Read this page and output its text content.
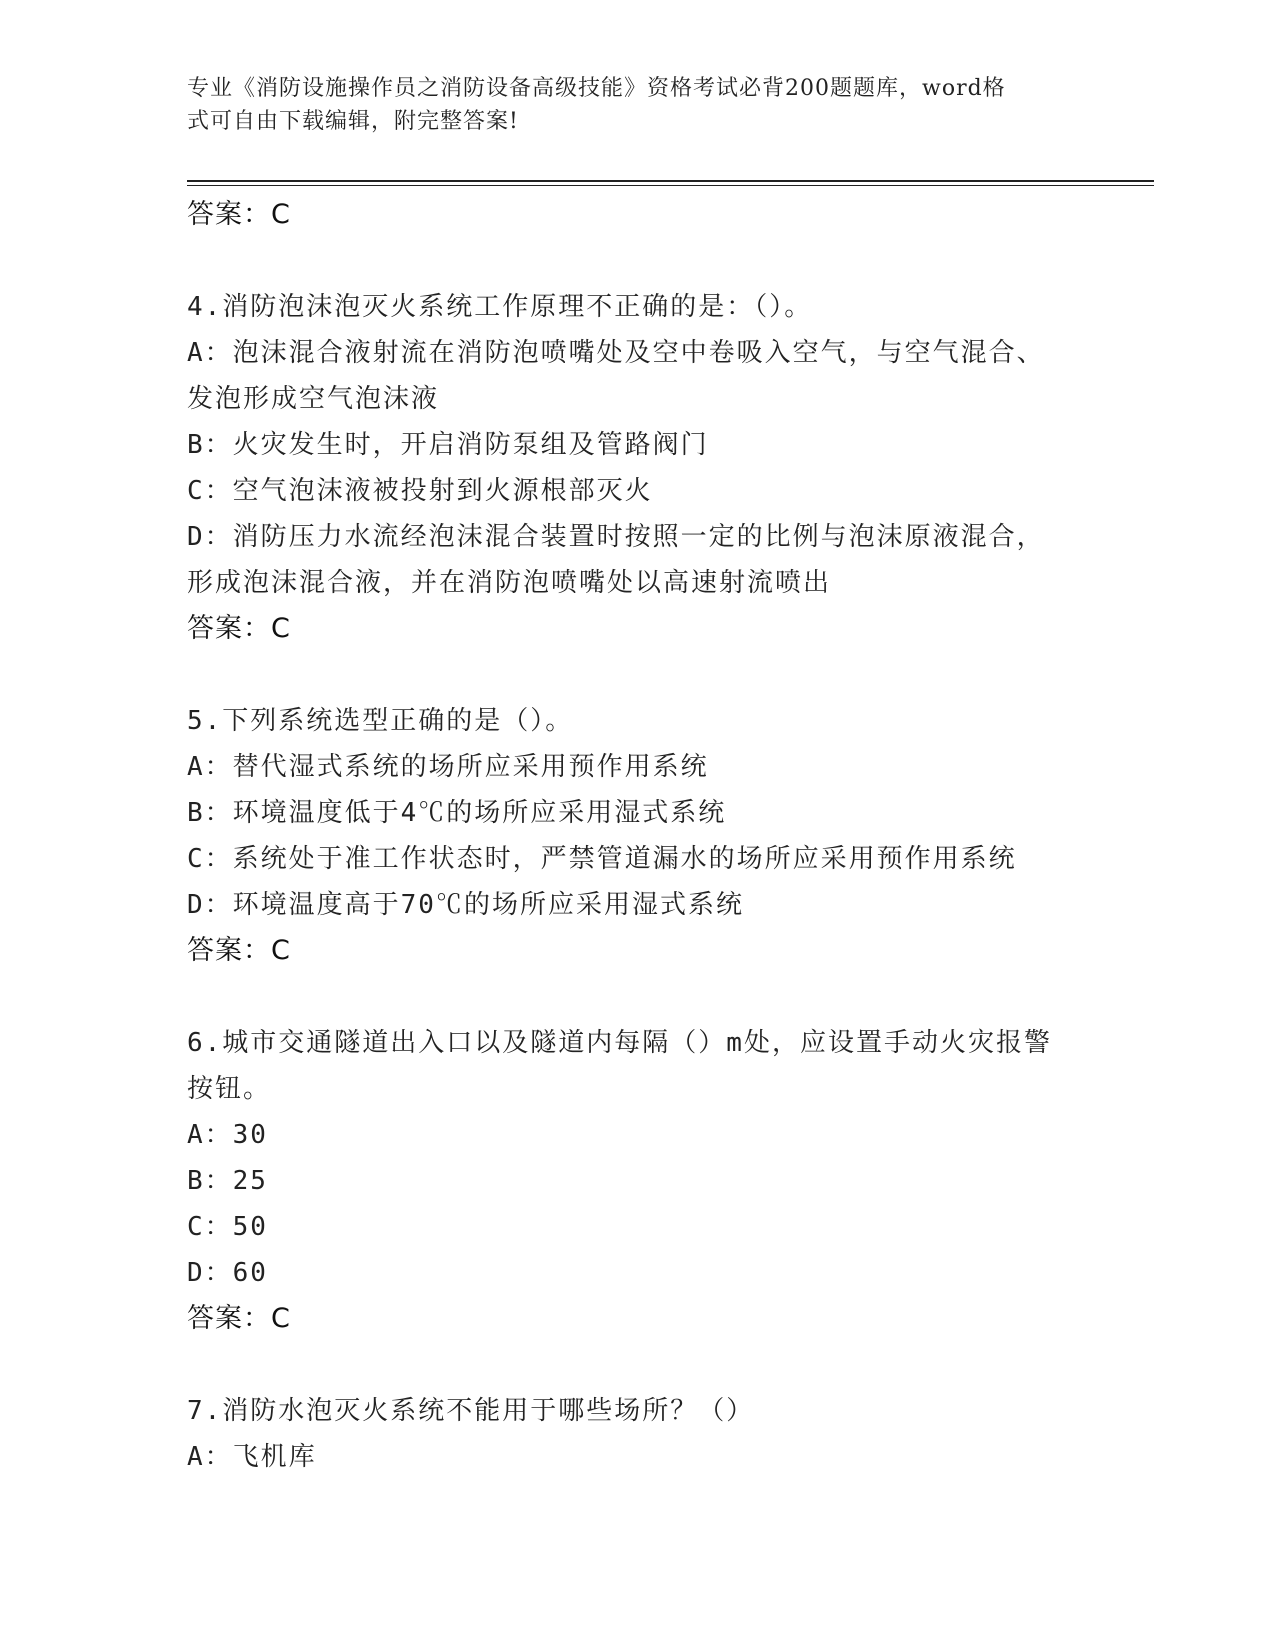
专业《消防设施操作员之消防设备高级技能》资格考试必背200题题库，word格
式可自由下载编辑，附完整答案!
答案：C
4.消防泡沫泡灭火系统工作原理不正确的是：（）。
A：泡沫混合液射流在消防泡喷嘴处及空中卷吸入空气，与空气混合、
发泡形成空气泡沫液
B：火灾发生时，开启消防泵组及管路阀门
C：空气泡沫液被投射到火源根部灭火
D：消防压力水流经泡沫混合装置时按照一定的比例与泡沫原液混合，
形成泡沫混合液，并在消防泡喷嘴处以高速射流喷出
答案：C
5.下列系统选型正确的是（）。
A：替代湿式系统的场所应采用预作用系统
B：环境温度低于4℃的场所应采用湿式系统
C：系统处于准工作状态时，严禁管道漏水的场所应采用预作用系统
D：环境温度高于70℃的场所应采用湿式系统
答案：C
6.城市交通隧道出入口以及隧道内每隔（）m处，应设置手动火灾报警
按钮。
A：30
B：25
C：50
D：60
答案：C
7.消防水泡灭火系统不能用于哪些场所？（）
A：飞机库
